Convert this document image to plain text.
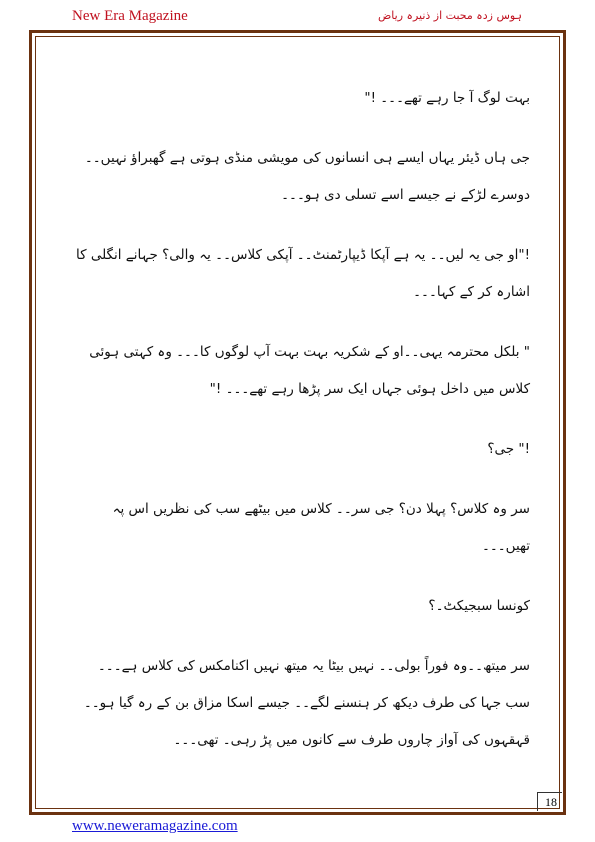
New Era Magazine	ہوس زدہ محبت از ذنیرہ ریاض

بہت لوگ آ جا رہے تھے۔۔۔ !"

جی ہاں ڈیئر یہاں ایسے ہی انسانوں کی مویشی منڈی ہوتی ہے گھبراؤ نہیں۔۔دوسرے لڑکے نے جیسے اسے تسلی دی ہو۔۔۔

!"او جی یہ لیں۔۔ یہ ہے آپکا ڈیپارٹمنٹ۔۔ آپکی کلاس۔۔ یہ والی؟ جہانے انگلی کا اشارہ کر کے کہا۔۔۔

" بلکل محترمہ یہی۔۔او کے شکریہ بہت بہت آپ لوگوں کا۔۔۔ وہ کہتی ہوئی کلاس میں داخل ہوئی جہاں ایک سر پڑھا رہے تھے۔۔۔ !"

!" جی؟

سر وہ کلاس؟ پہلا دن؟ جی سر۔۔ کلاس میں بیٹھے سب کی نظریں اس پہ تھیں۔۔۔

کونسا سبجیکٹ۔؟

سر میتھ۔۔وہ فوراً بولی۔۔ نہیں بیٹا یہ میتھ نہیں اکنامکس کی کلاس ہے۔۔۔ سب جہا کی طرف دیکھ کر ہنسنے لگے۔۔ جیسے اسکا مزاق بن کے رہ گیا ہو۔۔ قہقہوں کی آواز چاروں طرف سے کانوں میں پڑ رہی۔ تھی۔۔۔

18
www.neweramagazine.com
